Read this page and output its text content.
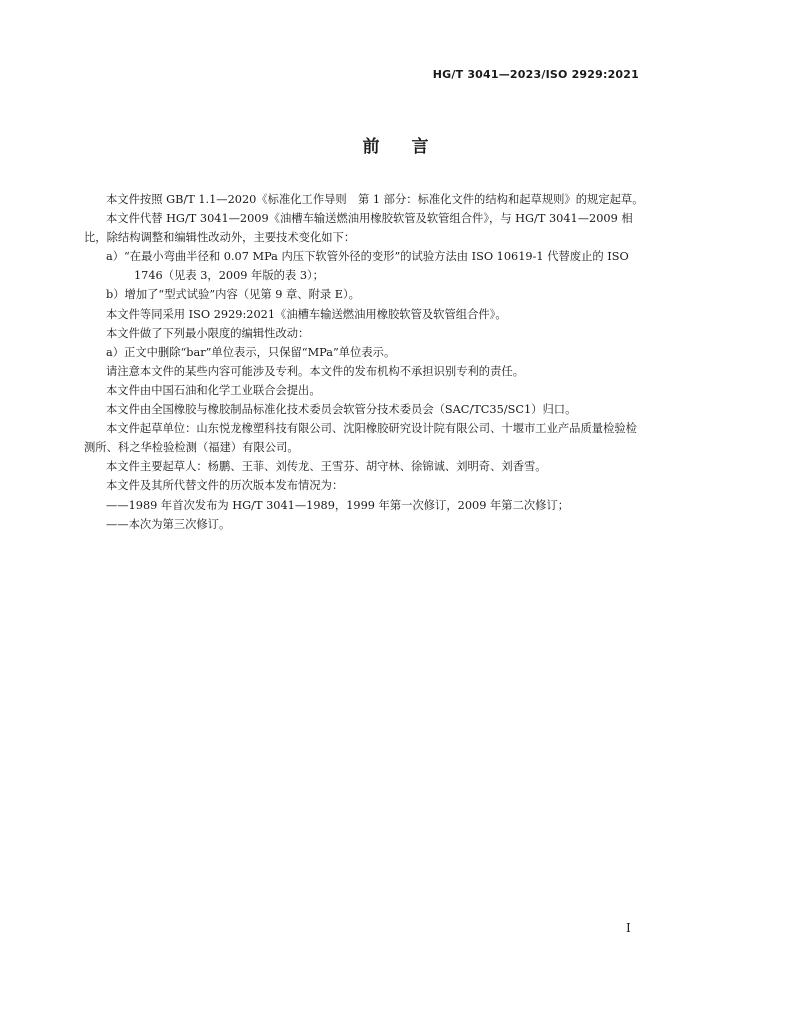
HG/T 3041—2023/ISO 2929:2021
前言

本文件按照 GB/T 1.1—2020《标准化工作导则　第 1 部分：标准化文件的结构和起草规则》的规定起草。

本文件代替 HG/T 3041—2009《油槽车输送燃油用橡胶软管及软管组合件》，与 HG/T 3041—2009 相比，除结构调整和编辑性改动外，主要技术变化如下：

a）“在最小弯曲半径和 0.07 MPa 内压下软管外径的变形”的试验方法由 ISO 10619-1 代替废止的 ISO 1746（见表 3，2009 年版的表 3）；

b）增加了“型式试验”内容（见第 9 章、附录 E）。

本文件等同采用 ISO 2929:2021《油槽车输送燃油用橡胶软管及软管组合件》。

本文件做了下列最小限度的编辑性改动：

a）正文中删除“bar”单位表示，只保留“MPa”单位表示。

请注意本文件的某些内容可能涉及专利。本文件的发布机构不承担识别专利的责任。

本文件由中国石油和化学工业联合会提出。

本文件由全国橡胶与橡胶制品标准化技术委员会软管分技术委员会（SAC/TC35/SC1）归口。

本文件起草单位：山东悦龙橡塑科技有限公司、沈阳橡胶研究设计院有限公司、十堰市工业产品质量检验检测所、科之华检验检测（福建）有限公司。

本文件主要起草人：杨鹏、王菲、刘传龙、王雪芬、胡守林、徐锦诚、刘明奇、刘香雪。

本文件及其所代替文件的历次版本发布情况为：

——1989 年首次发布为 HG/T 3041—1989，1999 年第一次修订，2009 年第二次修订；

——本次为第三次修订。

I
